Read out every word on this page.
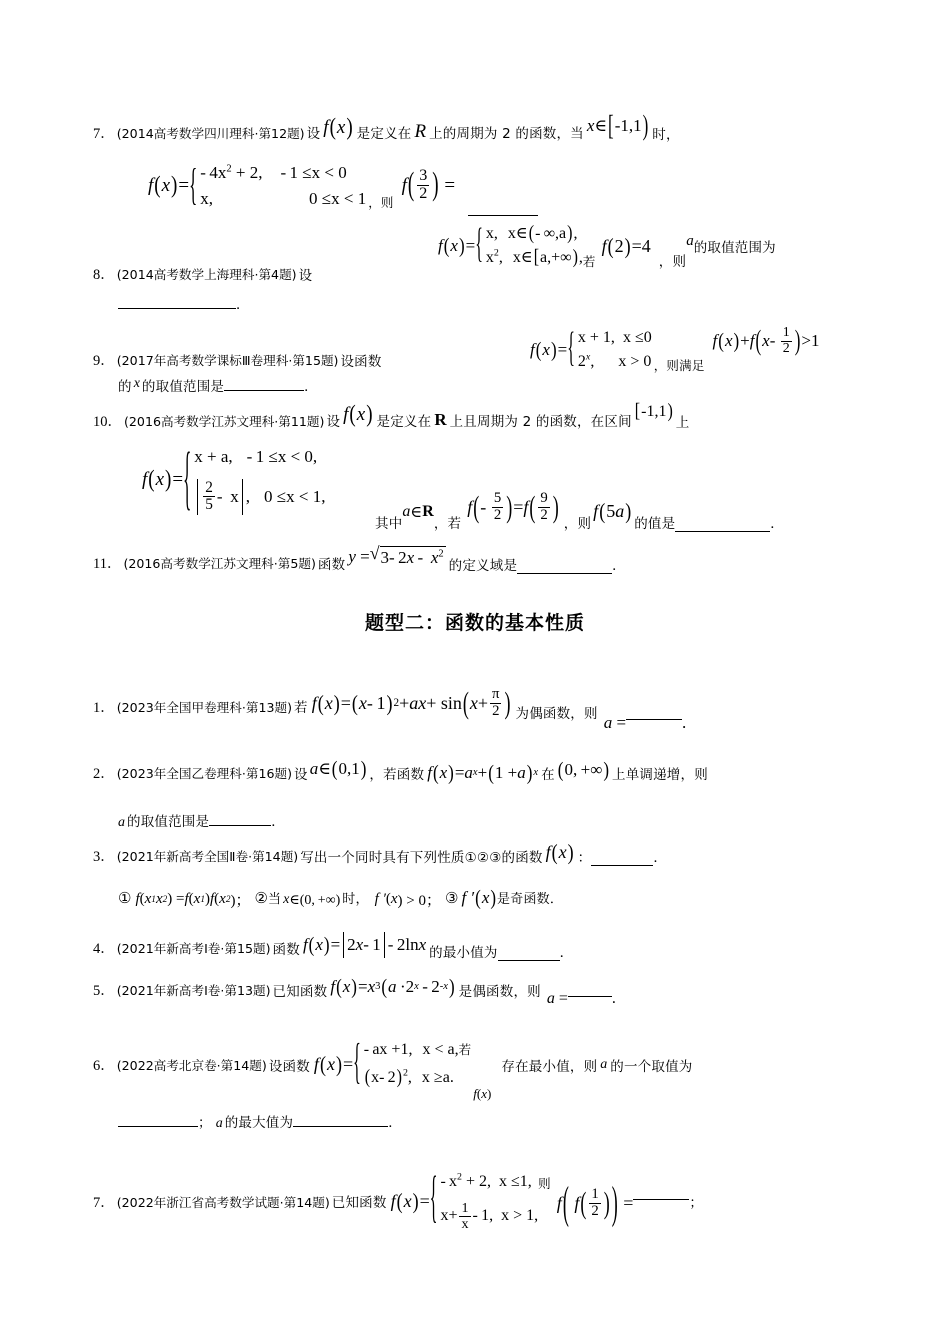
7． (2014高考数学四川理科·第12题) 设 f ( x ) 是定义在 R 上的周期为 2 的函数，当 x ∈ [ -1,1 ) 时，
f ( x ) = { -  $4x^2 + 2$, -  1 ≤x < 0
x,	0 ≤x < 1 ，则
f ( $\frac{3}{2}$ ) =
f ( x ) = { x, x∈(- ∞,a),
$x^2$, x∈[a,+∞), 若
f ( 2 ) =4
，则
a 的取值范围为
8． (2014高考数学上海理科·第4题) 设
．
f ( x ) = { x + 1, x ≤0
2$^x$, x > 0 ，则满足
f ( x ) + f ( x -  $\frac{1}{2}$ ) >1
9． (2017年高考数学课标Ⅲ卷理科·第15题) 设函数
的 x 的取值范围是	．
10． (2016高考数学江苏文理科·第11题) 设 f ( x ) 是定义在 R 上且周期为 2 的函数，在区间 [ -1,1 )
上
f ( x ) = { x + a, -  1 ≤x < 0,
$\frac{2}{5}$ -  x , 0 ≤x < 1,
其中
a ∈ R
，若
f ( -  $\frac{5}{2}$ ) = f ( $\frac{9}{2}$ )
，则
f ( 5 a )
的值是	．
11． (2016高考数学江苏文理科·第5题) 函数 y = √ 3- $2x - x^2$
的定义域是	．
题型二：函数的基本性质
1． (2023年全国甲卷理科·第13题) 若 f ( x ) = ( x - 1 ) 2 + ax + sin ( $x + \frac{\pi}{2}$ ) 为偶函数，则 a =	.
2． (2023年全国乙卷理科·第16题) 设 a ∈ ( 0,1 ) ，若函数 f ( x ) = a x + ( 1 + a ) x 在 ( 0, +∞ ) 上单调递增，则
a 的取值范围是	．
3． (2021年新高考全国Ⅱ卷·第14题) 写出一个同时具有下列性质①②③的函数 f ( x ) ：	．
① f ( x 1 x 2 ) = f ( x 1 ) f ( x 2 )； ② 当 x ∈(0, +∞) 时， f ′ ( x ) > 0； ③ f ′ ( x ) 是奇函数．
4． (2021年新高考Ⅰ卷·第15题) 函数 f ( x ) = 2 x - 1 - 2ln x 的最小值为	．
5． (2021年新高考Ⅰ卷·第13题) 已知函数 f ( x ) = x 3 ( a  ·2 x  - 2 -x ) 是偶函数，则 a =	.
6． (2022高考北京卷·第14题) 设函数 f ( x ) = { - ax +1, x < a,
(x- 2)$^2$, x ≥a.
若
f ( x )
存在最小值，则 a 的一个取值为
； a 的最大值为	．
7． (2022年浙江省高考数学试题·第14题) 已知函数 f ( x ) = { - $x^2 + 2$, x ≤1,
$x + \frac{1}{x} - 1$, x > 1,
则
f ( f ( $\frac{1}{2}$ ) ) =	；
